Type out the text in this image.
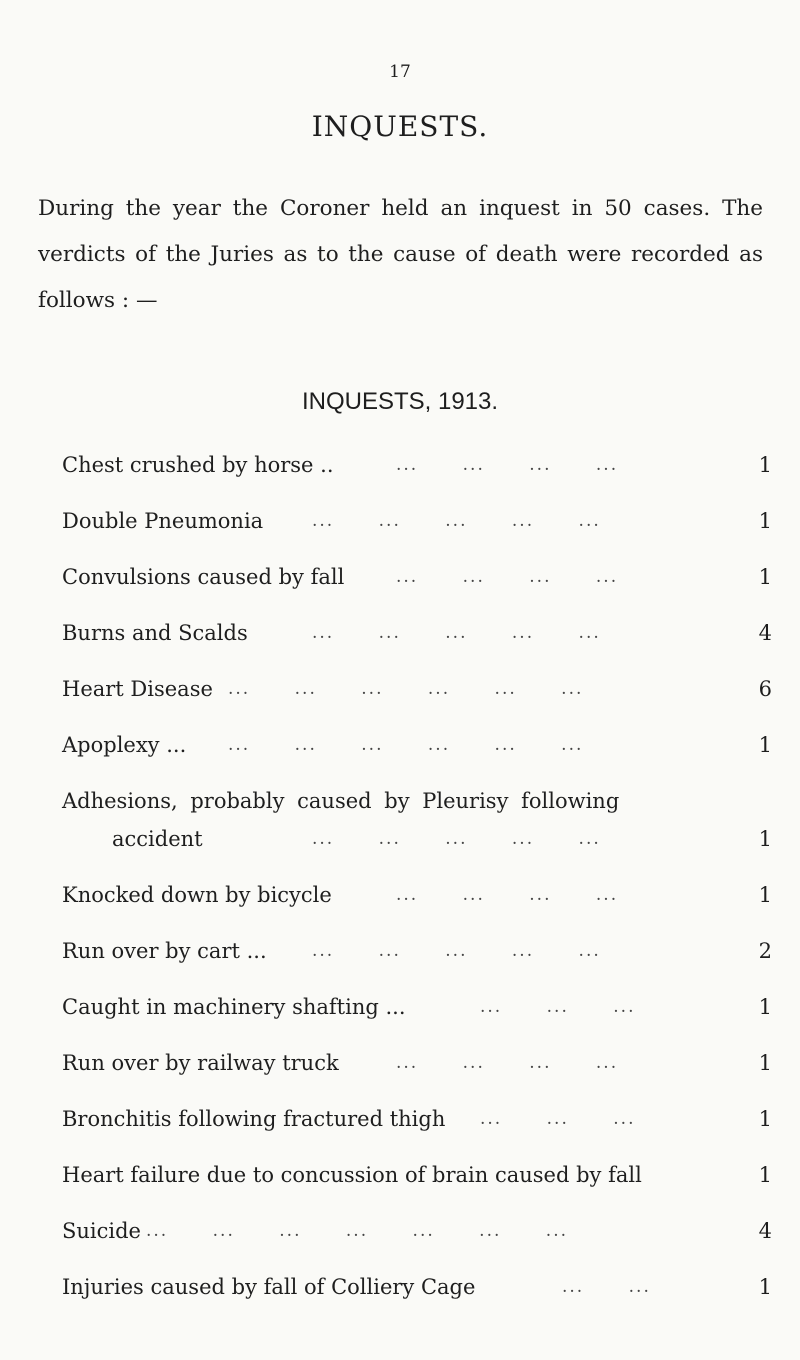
17
INQUESTS.
During the year the Coroner held an inquest in 50 cases. The
verdicts of the Juries as to the cause of death were recorded as
follows : —
INQUESTS, 1913.
Chest crushed by horse ..	...      ...      ...      ...	1
Double Pneumonia	...      ...      ...      ...      ...	1
Convulsions caused by fall	...      ...      ...      ...	1
Burns and Scalds	...      ...      ...      ...      ...	4
Heart Disease ...      ...      ...      ...      ...      ...	6
Apoplexy ... ...      ...      ...      ...      ...      ...	1
Adhesions, probably caused by Pleurisy following
accident	...      ...      ...      ...      ...	1
Knocked down by bicycle	...      ...      ...      ...	1
Run over by cart ...	...      ...      ...      ...      ...	2
Caught in machinery shafting ...	...      ...      ...	1
Run over by railway truck	...      ...      ...      ...	1
Bronchitis following fractured thigh ...      ...      ...	1
Heart failure due to concussion of brain caused by fall	1
Suicide ...      ...      ...      ...      ...      ...      ...	4
Injuries caused by fall of Colliery Cage	...      ...	1
